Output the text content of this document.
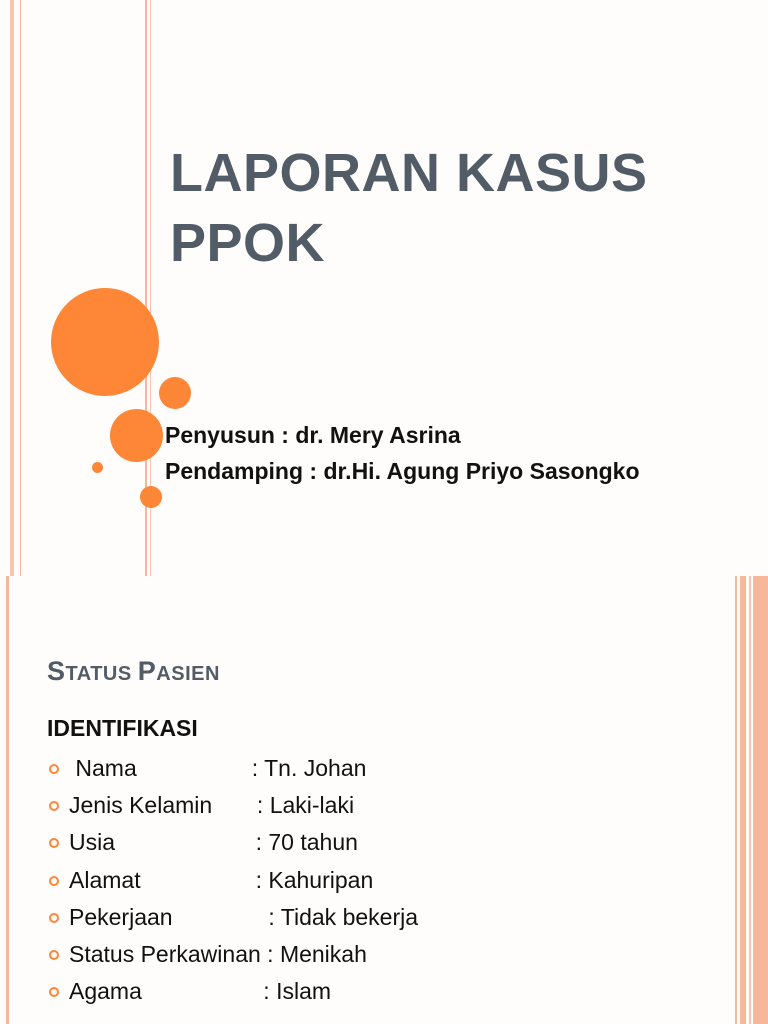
LAPORAN KASUS
PPOK

Penyusun : dr. Mery Asrina

Pendamping : dr.Hi. Agung Priyo Sasongko

STATUS PASIEN

IDENTIFIKASI

Nama                  : Tn. Johan
Jenis Kelamin       : Laki-laki
Usia                      : 70 tahun
Alamat                  : Kahuripan
Pekerjaan               : Tidak bekerja
Status Perkawinan : Menikah
Agama                   : Islam
